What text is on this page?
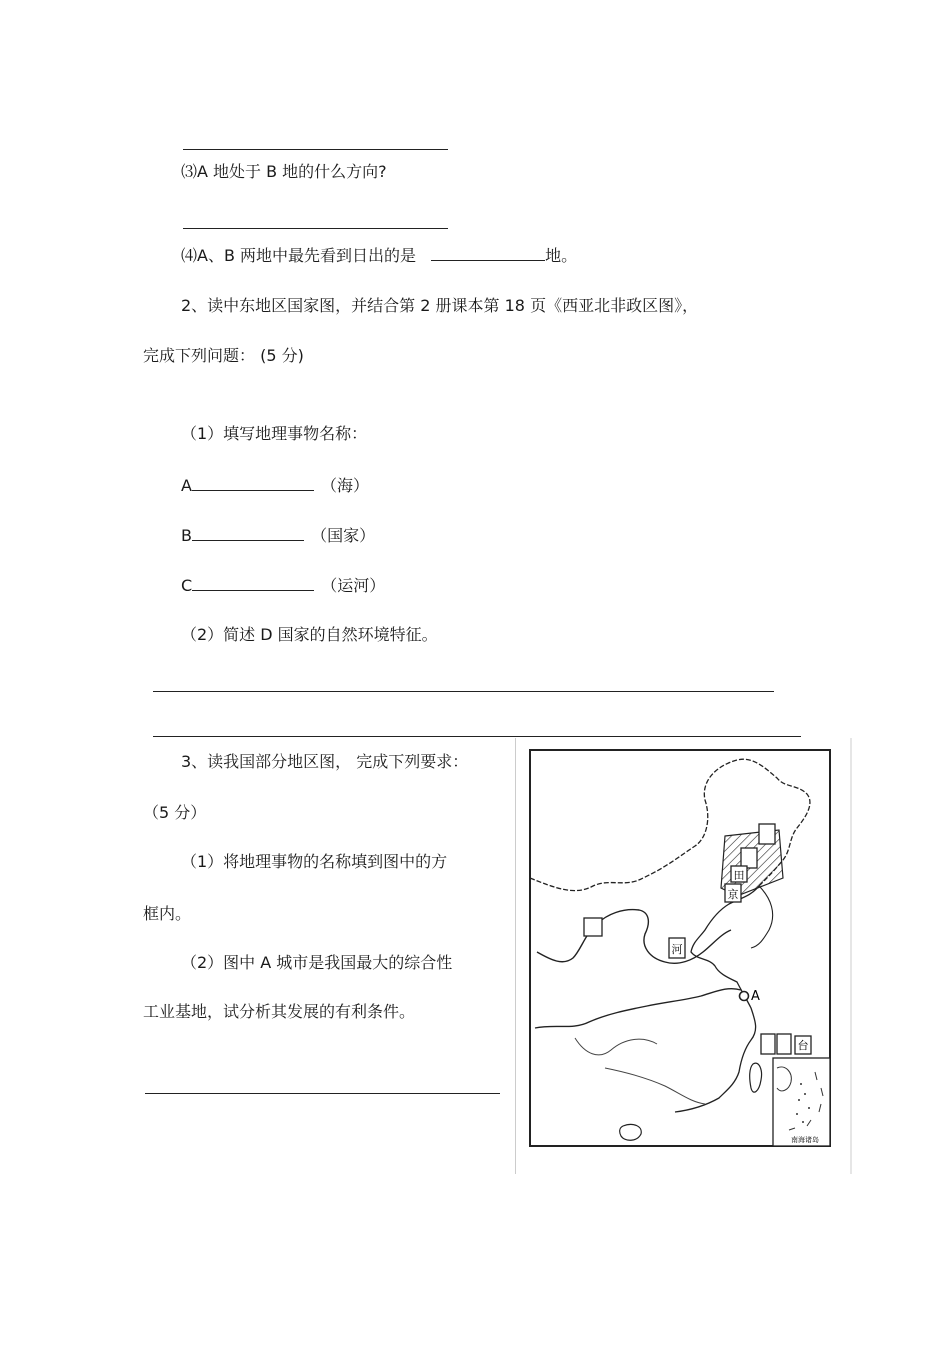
⑶A 地处于 B 地的什么方向?
⑷A、B 两地中最先看到日出的是	地。
2、读中东地区国家图，并结合第 2 册课本第 18 页《西亚北非政区图》，
完成下列问题： (5 分)
（1）填写地理事物名称：
A	（海）
B	（国家）
C	（运河）
（2）简述 D 国家的自然环境特征。
3、读我国部分地区图， 完成下列要求：
（5 分）
（1）将地理事物的名称填到图中的方
框内。
（2）图中 A 城市是我国最大的综合性
工业基地，试分析其发展的有利条件。
田
京
河
台
A
南海诸岛
